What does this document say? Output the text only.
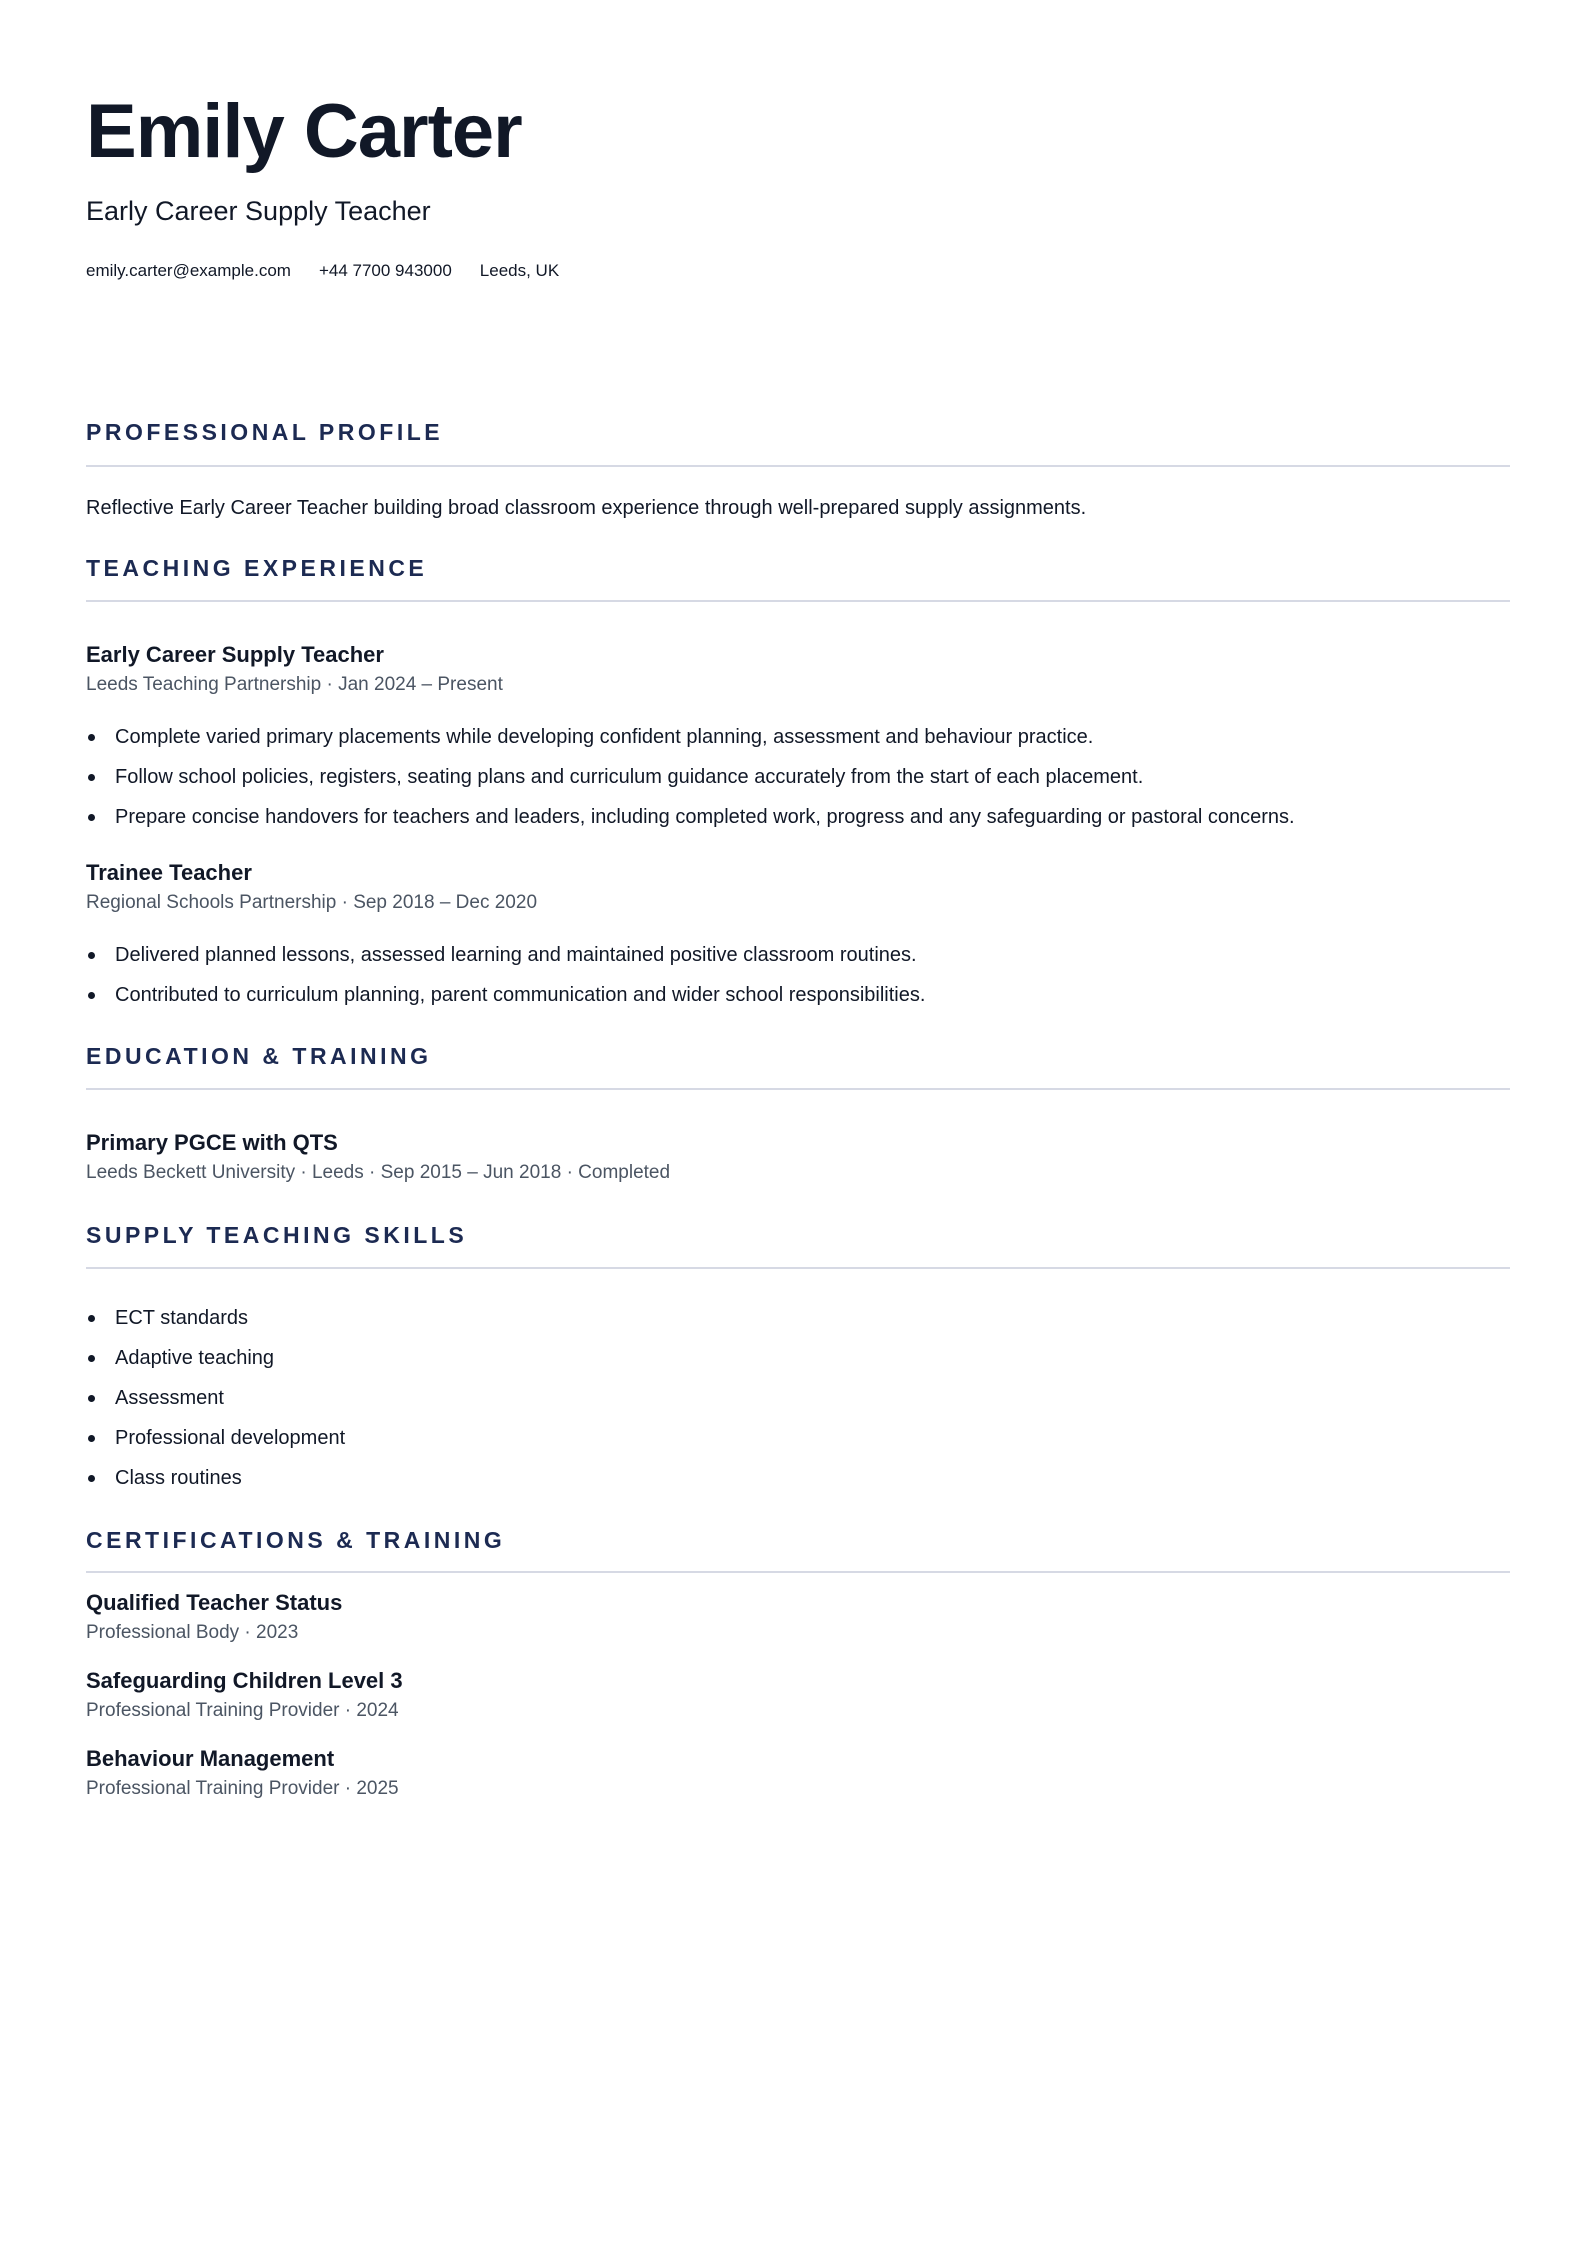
Emily Carter
Early Career Supply Teacher
emily.carter@example.com +44 7700 943000 Leeds, UK
PROFESSIONAL PROFILE
Reflective Early Career Teacher building broad classroom experience through well-prepared supply assignments.
TEACHING EXPERIENCE
Early Career Supply Teacher
Leeds Teaching Partnership · Jan 2024 – Present
Complete varied primary placements while developing confident planning, assessment and behaviour practice.
Follow school policies, registers, seating plans and curriculum guidance accurately from the start of each placement.
Prepare concise handovers for teachers and leaders, including completed work, progress and any safeguarding or pastoral concerns.
Trainee Teacher
Regional Schools Partnership · Sep 2018 – Dec 2020
Delivered planned lessons, assessed learning and maintained positive classroom routines.
Contributed to curriculum planning, parent communication and wider school responsibilities.
EDUCATION & TRAINING
Primary PGCE with QTS
Leeds Beckett University · Leeds · Sep 2015 – Jun 2018 · Completed
SUPPLY TEACHING SKILLS
ECT standards
Adaptive teaching
Assessment
Professional development
Class routines
CERTIFICATIONS & TRAINING
Qualified Teacher Status
Professional Body · 2023
Safeguarding Children Level 3
Professional Training Provider · 2024
Behaviour Management
Professional Training Provider · 2025
